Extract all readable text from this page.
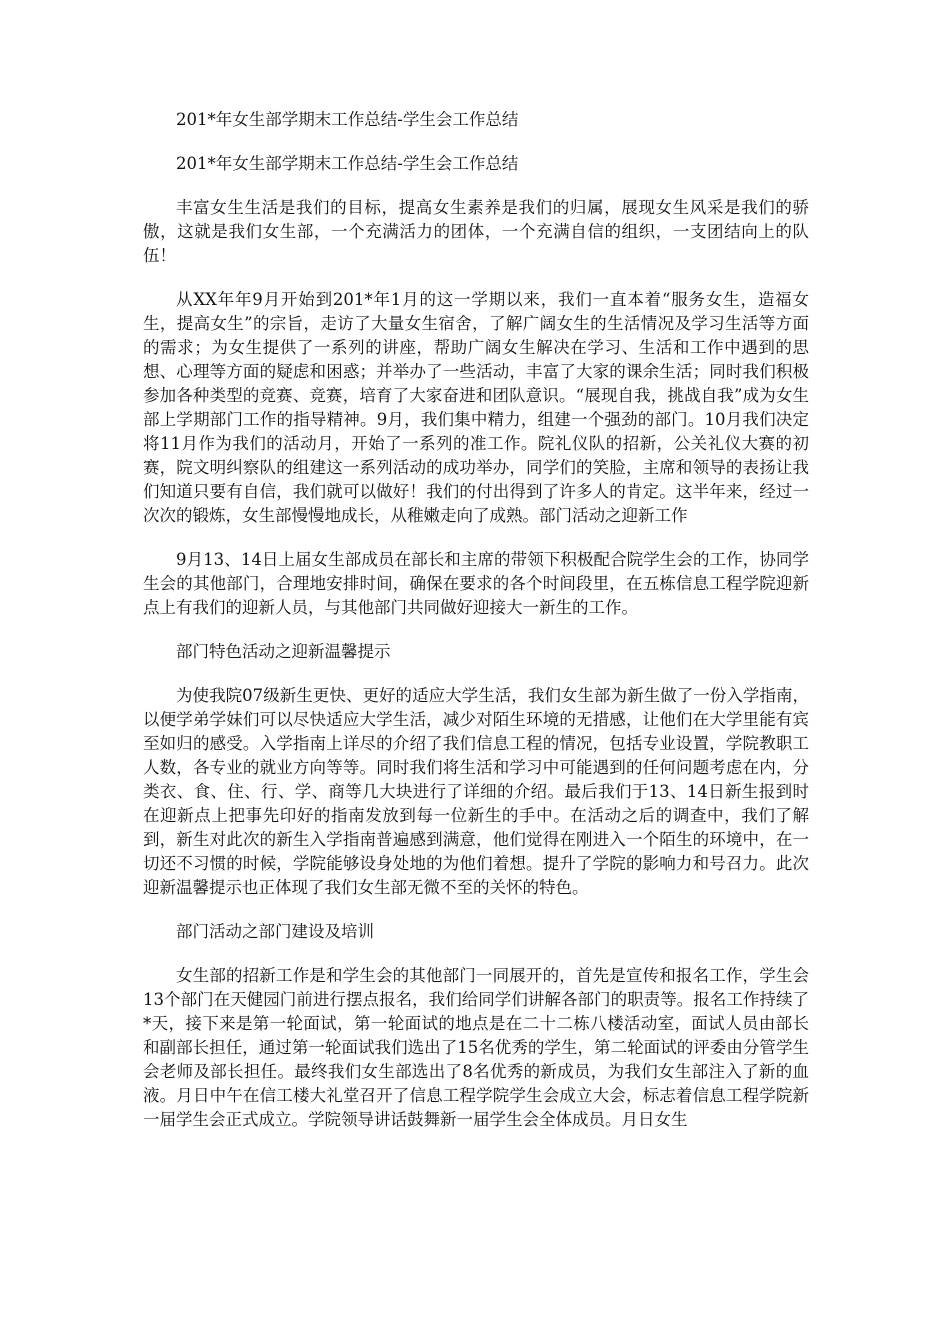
201*年女生部学期末工作总结-学生会工作总结

201*年女生部学期末工作总结-学生会工作总结

丰富女生生活是我们的目标，提高女生素养是我们的归属，展现女生风采是我们的骄傲，这就是我们女生部，一个充满活力的团体，一个充满自信的组织，一支团结向上的队伍！

从XX年年9月开始到201*年1月的这一学期以来，我们一直本着“服务女生，造福女生，提高女生”的宗旨，走访了大量女生宿舍，了解广阔女生的生活情况及学习生活等方面的需求；为女生提供了一系列的讲座，帮助广阔女生解决在学习、生活和工作中遇到的思想、心理等方面的疑虑和困惑；并举办了一些活动，丰富了大家的课余生活；同时我们积极参加各种类型的竞赛、竞赛，培育了大家奋进和团队意识。“展现自我，挑战自我”成为女生部上学期部门工作的指导精神。9月，我们集中精力，组建一个强劲的部门。10月我们决定将11月作为我们的活动月，开始了一系列的准工作。院礼仪队的招新，公关礼仪大赛的初赛，院文明纠察队的组建这一系列活动的成功举办，同学们的笑脸，主席和领导的表扬让我们知道只要有自信，我们就可以做好！我们的付出得到了许多人的肯定。这半年来，经过一次次的锻炼，女生部慢慢地成长，从稚嫩走向了成熟。部门活动之迎新工作

9月13、14日上届女生部成员在部长和主席的带领下积极配合院学生会的工作，协同学生会的其他部门，合理地安排时间，确保在要求的各个时间段里，在五栋信息工程学院迎新点上有我们的迎新人员，与其他部门共同做好迎接大一新生的工作。

部门特色活动之迎新温馨提示

为使我院07级新生更快、更好的适应大学生活，我们女生部为新生做了一份入学指南，以便学弟学妹们可以尽快适应大学生活，减少对陌生环境的无措感，让他们在大学里能有宾至如归的感受。入学指南上详尽的介绍了我们信息工程的情况，包括专业设置，学院教职工人数，各专业的就业方向等等。同时我们将生活和学习中可能遇到的任何问题考虑在内，分类衣、食、住、行、学、商等几大块进行了详细的介绍。最后我们于13、14日新生报到时在迎新点上把事先印好的指南发放到每一位新生的手中。在活动之后的调查中，我们了解到，新生对此次的新生入学指南普遍感到满意，他们觉得在刚进入一个陌生的环境中，在一切还不习惯的时候，学院能够设身处地的为他们着想。提升了学院的影响力和号召力。此次迎新温馨提示也正体现了我们女生部无微不至的关怀的特色。

部门活动之部门建设及培训

女生部的招新工作是和学生会的其他部门一同展开的，首先是宣传和报名工作，学生会13个部门在天健园门前进行摆点报名，我们给同学们讲解各部门的职责等。报名工作持续了*天，接下来是第一轮面试，第一轮面试的地点是在二十二栋八楼活动室，面试人员由部长和副部长担任，通过第一轮面试我们选出了15名优秀的学生，第二轮面试的评委由分管学生会老师及部长担任。最终我们女生部选出了8名优秀的新成员，为我们女生部注入了新的血液。月日中午在信工楼大礼堂召开了信息工程学院学生会成立大会，标志着信息工程学院新一届学生会正式成立。学院领导讲话鼓舞新一届学生会全体成员。月日女生
